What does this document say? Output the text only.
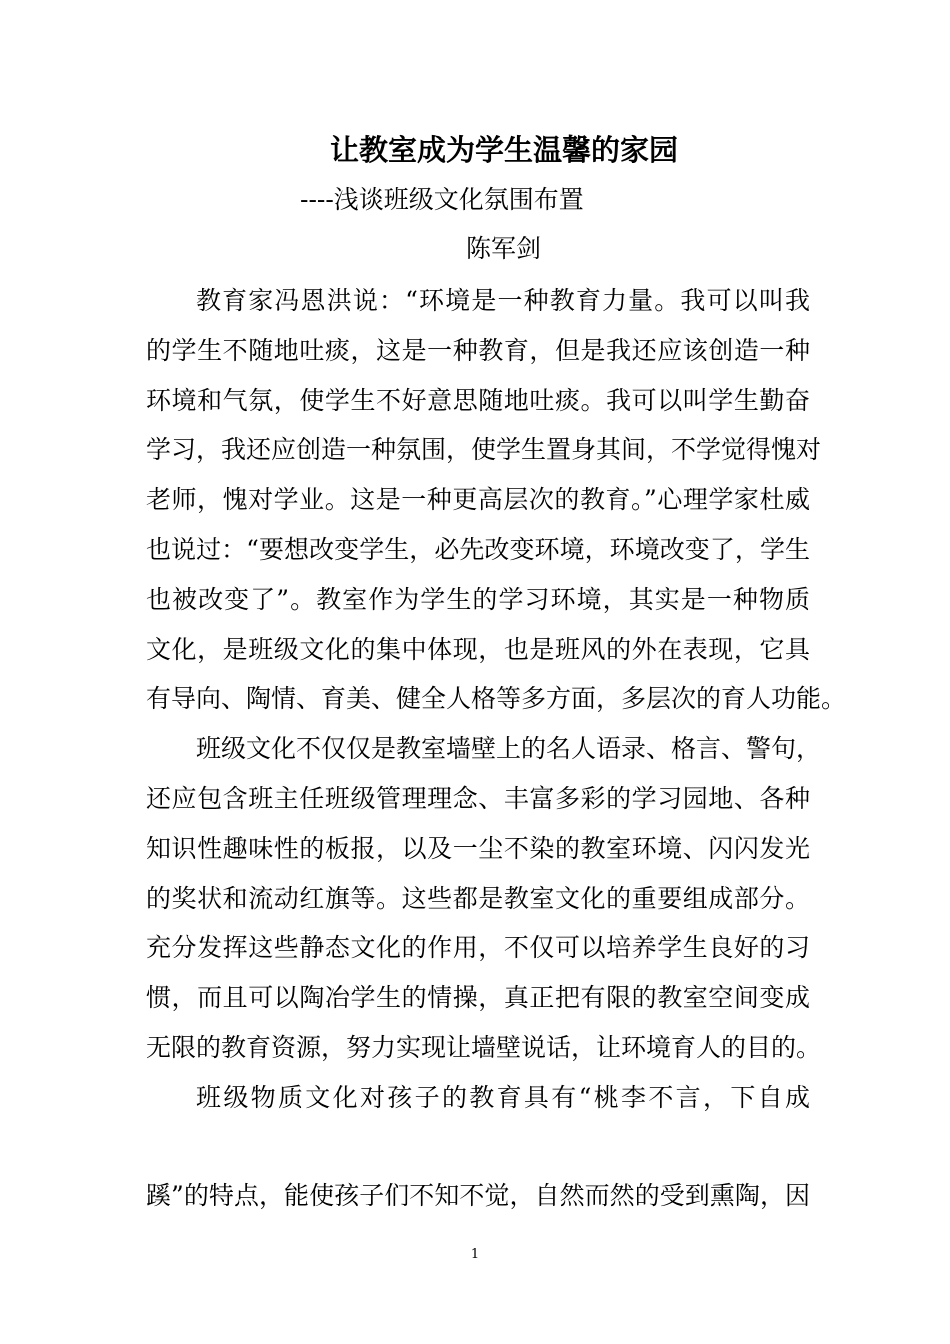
让教室成为学生温馨的家园
----浅谈班级文化氛围布置
陈军剑
教育家冯恩洪说：“环境是一种教育力量。我可以叫我
的学生不随地吐痰，这是一种教育，但是我还应该创造一种
环境和气氛，使学生不好意思随地吐痰。我可以叫学生勤奋
学习，我还应创造一种氛围，使学生置身其间，不学觉得愧对
老师，愧对学业。这是一种更高层次的教育。”心理学家杜威
也说过：“要想改变学生，必先改变环境，环境改变了，学生
也被改变了”。教室作为学生的学习环境，其实是一种物质
文化，是班级文化的集中体现，也是班风的外在表现，它具
有导向、陶情、育美、健全人格等多方面，多层次的育人功能。
班级文化不仅仅是教室墙壁上的名人语录、格言、警句，
还应包含班主任班级管理理念、丰富多彩的学习园地、各种
知识性趣味性的板报，以及一尘不染的教室环境、闪闪发光
的奖状和流动红旗等。这些都是教室文化的重要组成部分。
充分发挥这些静态文化的作用，不仅可以培养学生良好的习
惯，而且可以陶冶学生的情操，真正把有限的教室空间变成
无限的教育资源，努力实现让墙壁说话，让环境育人的目的。
班级物质文化对孩子的教育具有“桃李不言，下自成
蹊”的特点，能使孩子们不知不觉，自然而然的受到熏陶，因
1
